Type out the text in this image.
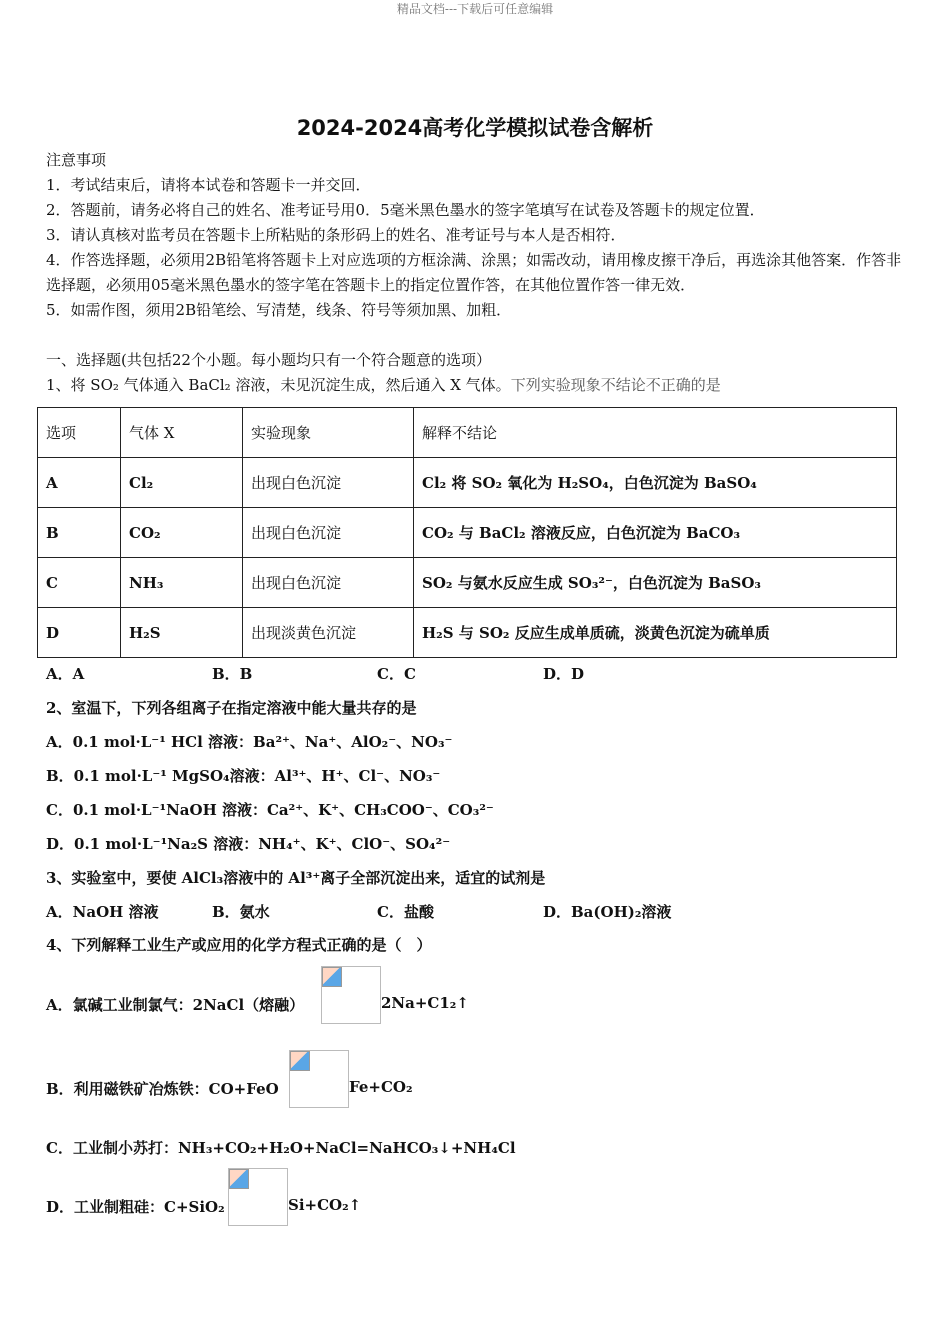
精品文档---下载后可任意编辑
2024-2024高考化学模拟试卷含解析
注意事项
1．考试结束后，请将本试卷和答题卡一并交回．
2．答题前，请务必将自己的姓名、准考证号用0．5毫米黑色墨水的签字笔填写在试卷及答题卡的规定位置．
3．请认真核对监考员在答题卡上所粘贴的条形码上的姓名、准考证号与本人是否相符．
4．作答选择题，必须用2B铅笔将答题卡上对应选项的方框涂满、涂黑；如需改动，请用橡皮擦干净后，再选涂其他答案．作答非选择题，必须用05毫米黑色墨水的签字笔在答题卡上的指定位置作答，在其他位置作答一律无效．
5．如需作图，须用2B铅笔绘、写清楚，线条、符号等须加黑、加粗．
一、选择题(共包括22个小题。每小题均只有一个符合题意的选项）
1、将 SO₂ 气体通入 BaCl₂ 溶液，未见沉淀生成，然后通入 X 气体。下列实验现象不结论不正确的是
选项	气体 X	实验现象	解释不结论
A	Cl₂	出现白色沉淀	Cl₂ 将 SO₂ 氧化为 H₂SO₄，白色沉淀为 BaSO₄
B	CO₂	出现白色沉淀	CO₂ 与 BaCl₂ 溶液反应，白色沉淀为 BaCO₃
C	NH₃	出现白色沉淀	SO₂ 与氨水反应生成 SO₃²⁻，白色沉淀为 BaSO₃
D	H₂S	出现淡黄色沉淀	H₂S 与 SO₂ 反应生成单质硫，淡黄色沉淀为硫单质
A．A	B．B	C．C	D．D
2、室温下，下列各组离子在指定溶液中能大量共存的是
A．0.1 mol·L⁻¹ HCl 溶液：Ba²⁺、Na⁺、AlO₂⁻、NO₃⁻
B．0.1 mol·L⁻¹ MgSO₄溶液：Al³⁺、H⁺、Cl⁻、NO₃⁻
C．0.1 mol·L⁻¹NaOH 溶液：Ca²⁺、K⁺、CH₃COO⁻、CO₃²⁻
D．0.1 mol·L⁻¹Na₂S 溶液：NH₄⁺、K⁺、ClO⁻、SO₄²⁻
3、实验室中，要使 AlCl₃溶液中的 Al³⁺离子全部沉淀出来，适宜的试剂是
A．NaOH 溶液	B．氨水	C．盐酸	D．Ba(OH)₂溶液
4、下列解释工业生产或应用的化学方程式正确的是（　）
A．氯碱工业制氯气：2NaCl（熔融）	2Na+C1₂↑
B．利用磁铁矿冶炼铁：CO+FeO	Fe+CO₂
C．工业制小苏打：NH₃+CO₂+H₂O+NaCl=NaHCO₃↓+NH₄Cl
D．工业制粗硅：C+SiO₂	Si+CO₂↑
